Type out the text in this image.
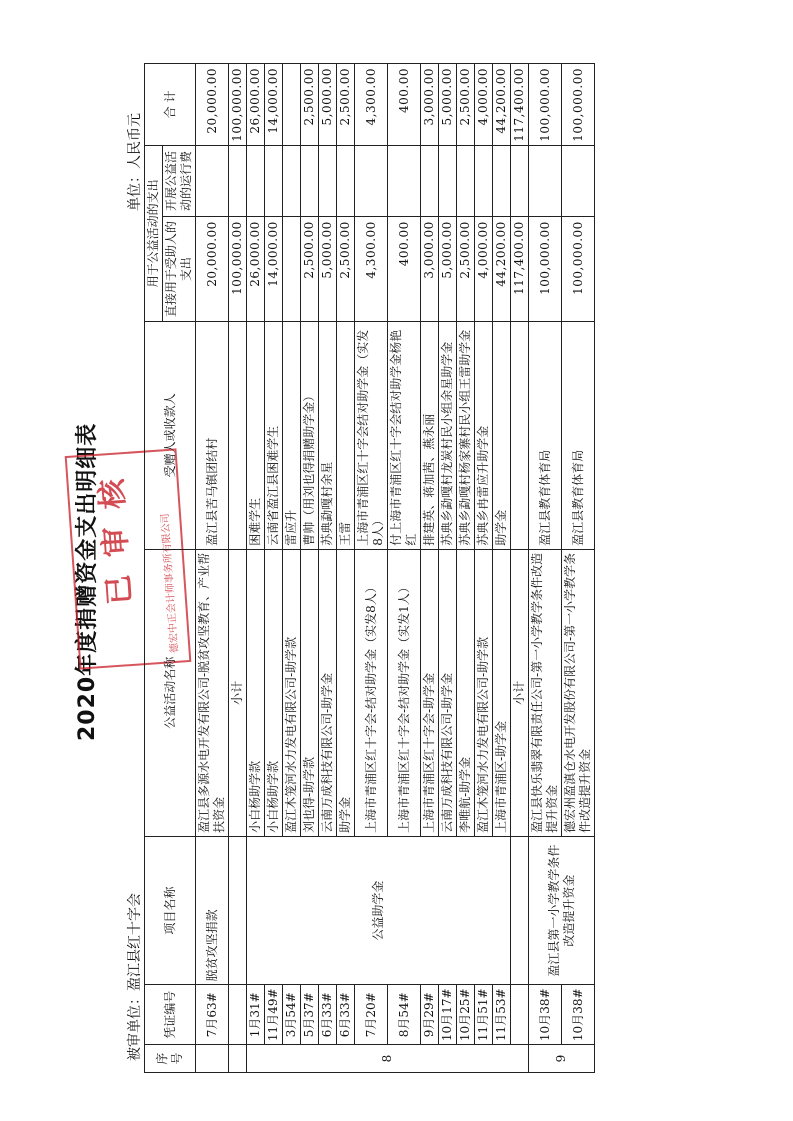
2020年度捐赠资金支出明细表
被审单位：盈江县红十字会
单位：人民币元
已审核	德宏中正会计师事务所有限公司
序号	凭证编号	项目名称	公益活动名称	受赠人或收款人	用于公益活动的支出		合 计
					直接用于受助人的支出	开展公益活动的运行费	
	7月63#	脱贫攻坚捐款	盈江县多源水电开发有限公司-脱贫攻坚教育、产业帮扶资金	盈江县苦马镇团结村	20,000.00		20,000.00
			小计		100,000.00		100,000.00
8	1月31#	公益助学金	小白杨助学款	困难学生	26,000.00		26,000.00
	11月49#		小白杨助学款	云南省盈江县困难学生	14,000.00		14,000.00
	3月54#		盈江木笼河水力发电有限公司-助学款	雷应升			
	5月37#		刘也得-助学款	曹帅（用刘也得捐赠助学金）	2,500.00		2,500.00
	6月33#		云南万成科技有限公司-助学金	苏典勐嘎村余星	5,000.00		5,000.00
	6月33#		助学金	王雷	2,500.00		2,500.00
	7月20#		上海市青浦区红十字会-结对助学金（实发8人）	上海市青浦区红十字会结对助学金（实发8人）	4,300.00		4,300.00
	8月54#		上海市青浦区红十字会-结对助学金（实发1人）	付上海市青浦区红十字会结对助学金杨艳红	400.00		400.00
	9月29#		上海市青浦区红十字会-助学金	排建英、蒋加茜、燕永丽	3,000.00		3,000.00
	10月17#		云南万成科技有限公司-助学金	苏典乡勐嘎村龙炭村民小组余星助学金	5,000.00		5,000.00
	10月25#		李唯航-助学金	苏典乡勐嘎村杨家寨村民小组王雷助学金	2,500.00		2,500.00
	11月51#		盈江木笼河水力发电有限公司-助学款	苏典乡冉雷应升助学金	4,000.00		4,000.00
	11月53#		上海市青浦区-助学金	助学金	44,200.00		44,200.00
			小计		117,400.00		117,400.00
9	10月38#	盈江县第一小学教学条件改造提升资金	盈江县快乐翡翠有限责任公司-第一小学教学条件改造提升资金	盈江县教育体育局	100,000.00		100,000.00
	10月38#		德宏州盈滇仓水电开发股份有限公司-第一小学教学条件改造提升资金	盈江县教育体育局	100,000.00		100,000.00
